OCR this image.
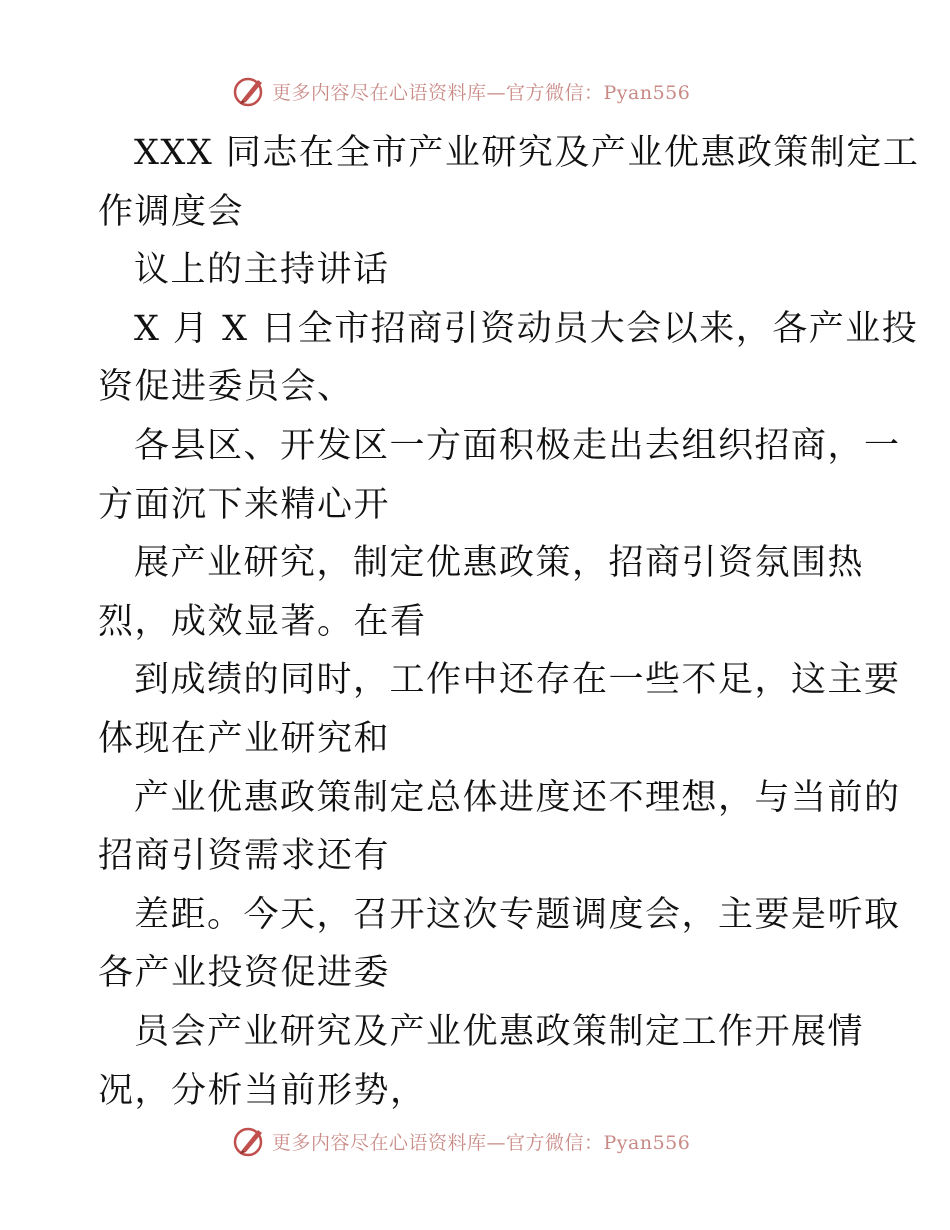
更多内容尽在心语资料库—官方微信：Pyan556
XXX 同志在全市产业研究及产业优惠政策制定工
作调度会
议上的主持讲话
X 月 X 日全市招商引资动员大会以来，各产业投
资促进委员会、
各县区、开发区一方面积极走出去组织招商，一
方面沉下来精心开
展产业研究，制定优惠政策，招商引资氛围热
烈，成效显著。在看
到成绩的同时，工作中还存在一些不足，这主要
体现在产业研究和
产业优惠政策制定总体进度还不理想，与当前的
招商引资需求还有
差距。今天，召开这次专题调度会，主要是听取
各产业投资促进委
员会产业研究及产业优惠政策制定工作开展情
况，分析当前形势，
更多内容尽在心语资料库—官方微信：Pyan556
